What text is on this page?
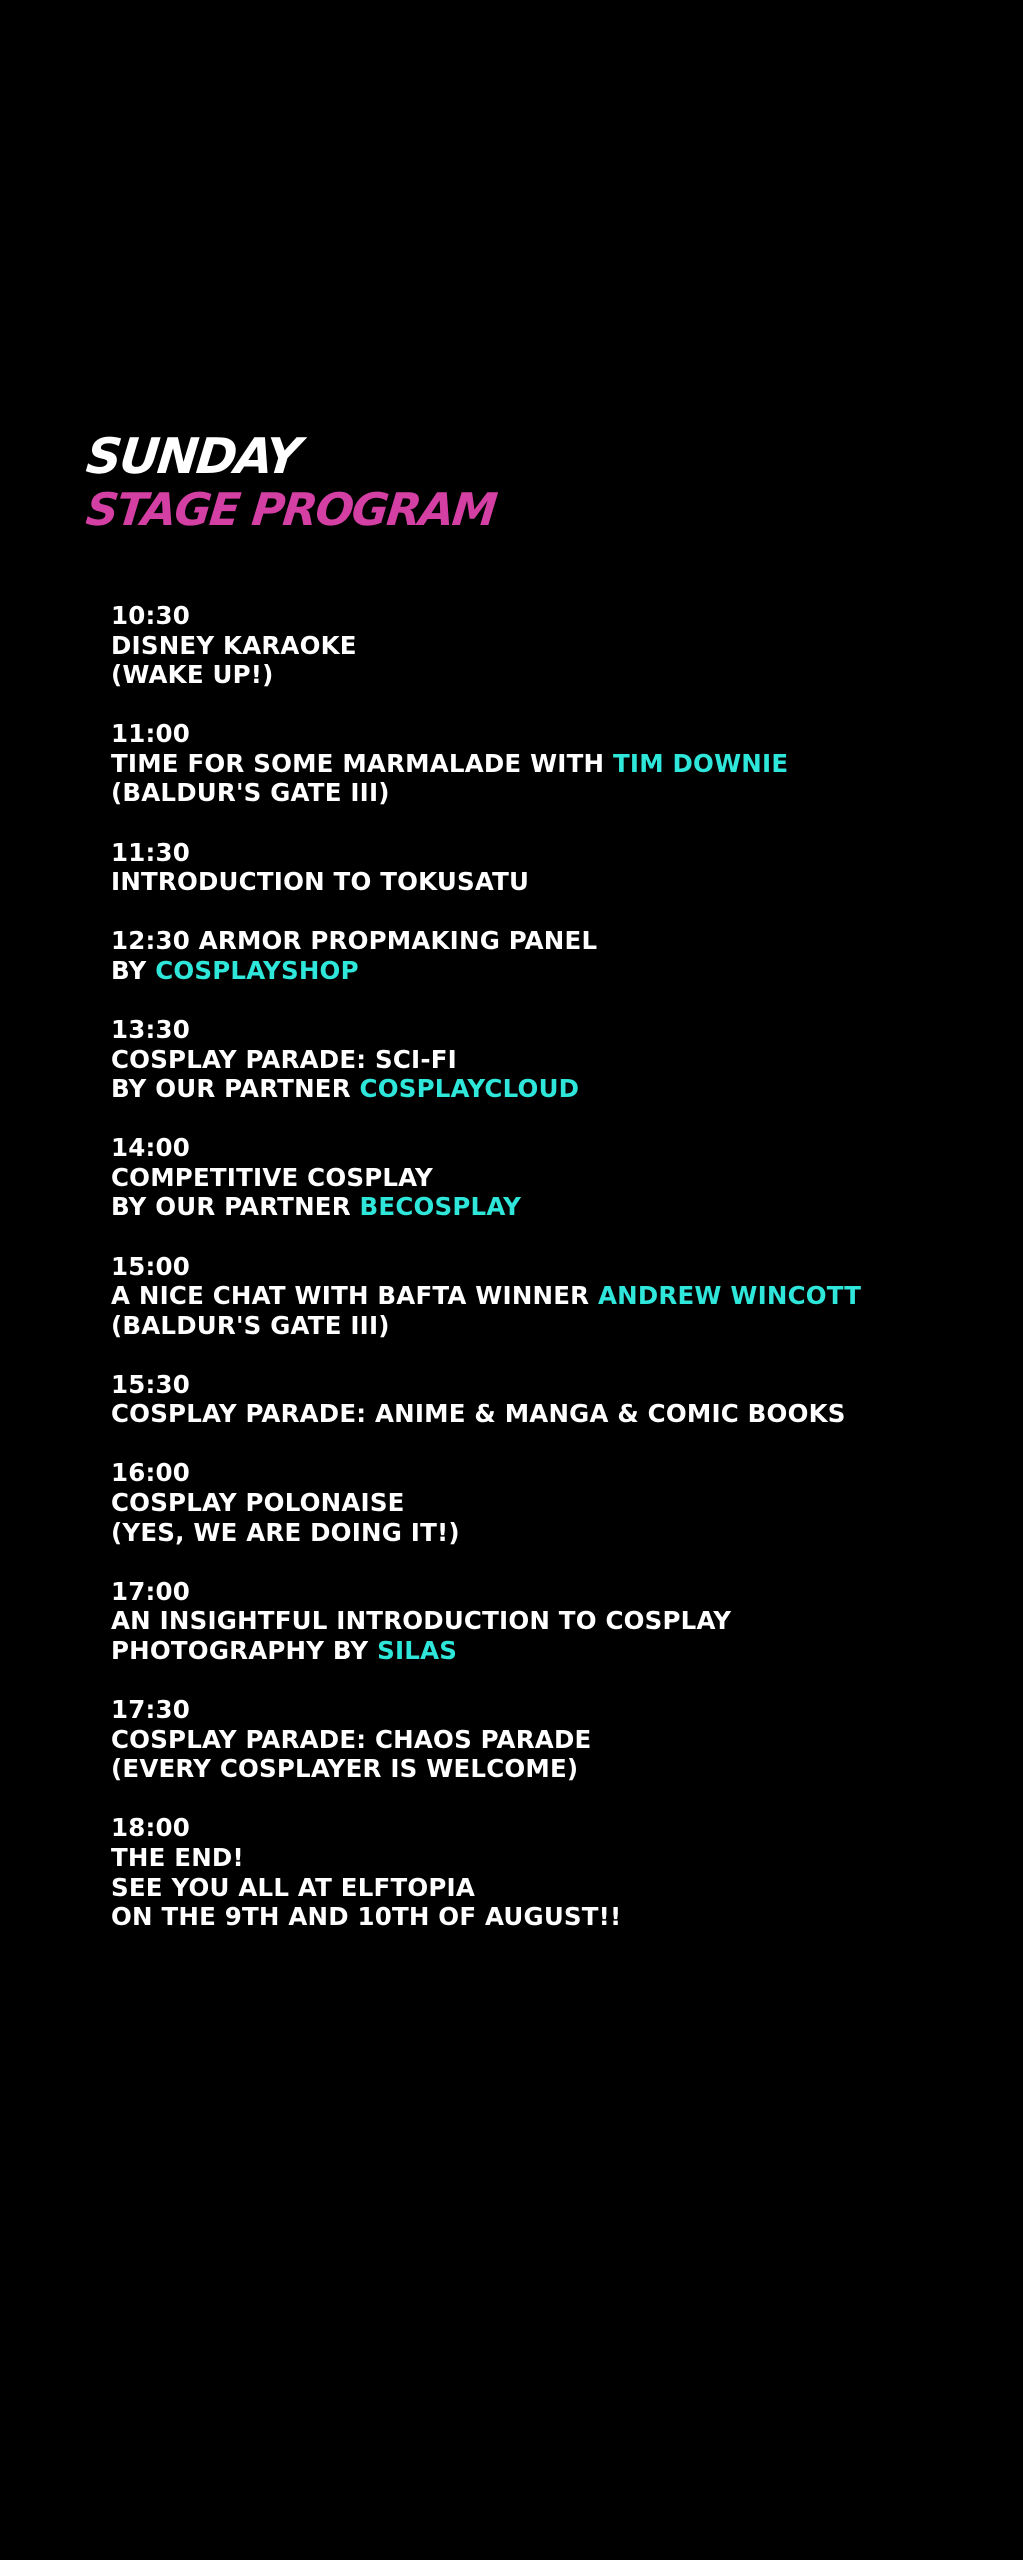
SUNDAY
STAGE PROGRAM
10:30
DISNEY KARAOKE
(WAKE UP!)
11:00
TIME FOR SOME MARMALADE WITH TIM DOWNIE
(BALDUR'S GATE III)
11:30
INTRODUCTION TO TOKUSATU
12:30 ARMOR PROPMAKING PANEL
BY COSPLAYSHOP
13:30
COSPLAY PARADE: SCI-FI
BY OUR PARTNER COSPLAYCLOUD
14:00
COMPETITIVE COSPLAY
BY OUR PARTNER BECOSPLAY
15:00
A NICE CHAT WITH BAFTA WINNER ANDREW WINCOTT
(BALDUR'S GATE III)
15:30
COSPLAY PARADE: ANIME & MANGA & COMIC BOOKS
16:00
COSPLAY POLONAISE
(YES, WE ARE DOING IT!)
17:00
AN INSIGHTFUL INTRODUCTION TO COSPLAY
PHOTOGRAPHY BY SILAS
17:30
COSPLAY PARADE: CHAOS PARADE
(EVERY COSPLAYER IS WELCOME)
18:00
THE END!
SEE YOU ALL AT ELFTOPIA
ON THE 9TH AND 10TH OF AUGUST!!
